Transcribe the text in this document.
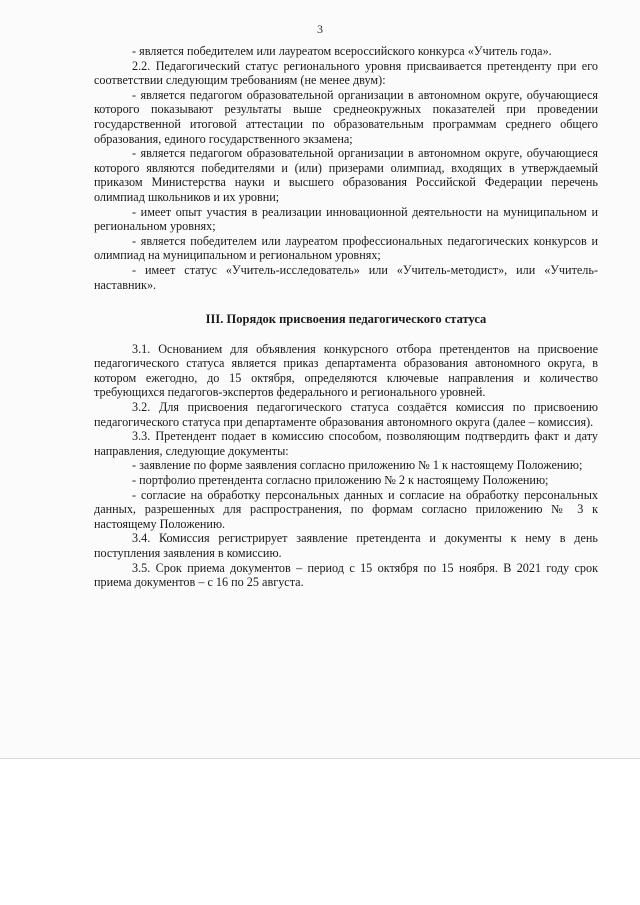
3

- является победителем или лауреатом всероссийского конкурса «Учитель года».

2.2. Педагогический статус регионального уровня присваивается претенденту при его соответствии следующим требованиям (не менее двум):

- является педагогом образовательной организации в автономном округе, обучающиеся которого показывают результаты выше среднеокружных показателей при проведении государственной итоговой аттестации по образовательным программам среднего общего образования, единого государственного экзамена;

- является педагогом образовательной организации в автономном округе, обучающиеся которого являются победителями и (или) призерами олимпиад, входящих в утверждаемый приказом Министерства науки и высшего образования Российской Федерации перечень олимпиад школьников и их уровни;

- имеет опыт участия в реализации инновационной деятельности на муниципальном и региональном уровнях;

- является победителем или лауреатом профессиональных педагогических конкурсов и олимпиад на муниципальном и региональном уровнях;

- имеет статус «Учитель-исследователь» или «Учитель-методист», или «Учитель-наставник».

III. Порядок присвоения педагогического статуса

3.1. Основанием для объявления конкурсного отбора претендентов на присвоение педагогического статуса является приказ департамента образования автономного округа, в котором ежегодно, до 15 октября, определяются ключевые направления и количество требующихся педагогов-экспертов федерального и регионального уровней.

3.2. Для присвоения педагогического статуса создаётся комиссия по присвоению педагогического статуса при департаменте образования автономного округа (далее – комиссия).

3.3. Претендент подает в комиссию способом, позволяющим подтвердить факт и дату направления, следующие документы:

- заявление по форме заявления согласно приложению № 1 к настоящему Положению;

- портфолио претендента согласно приложению № 2 к настоящему Положению;

- согласие на обработку персональных данных и согласие на обработку персональных данных, разрешенных для распространения, по формам согласно приложению № 3 к настоящему Положению.

3.4. Комиссия регистрирует заявление претендента и документы к нему в день поступления заявления в комиссию.

3.5. Срок приема документов – период с 15 октября по 15 ноября. В 2021 году срок приема документов – с 16 по 25 августа.
